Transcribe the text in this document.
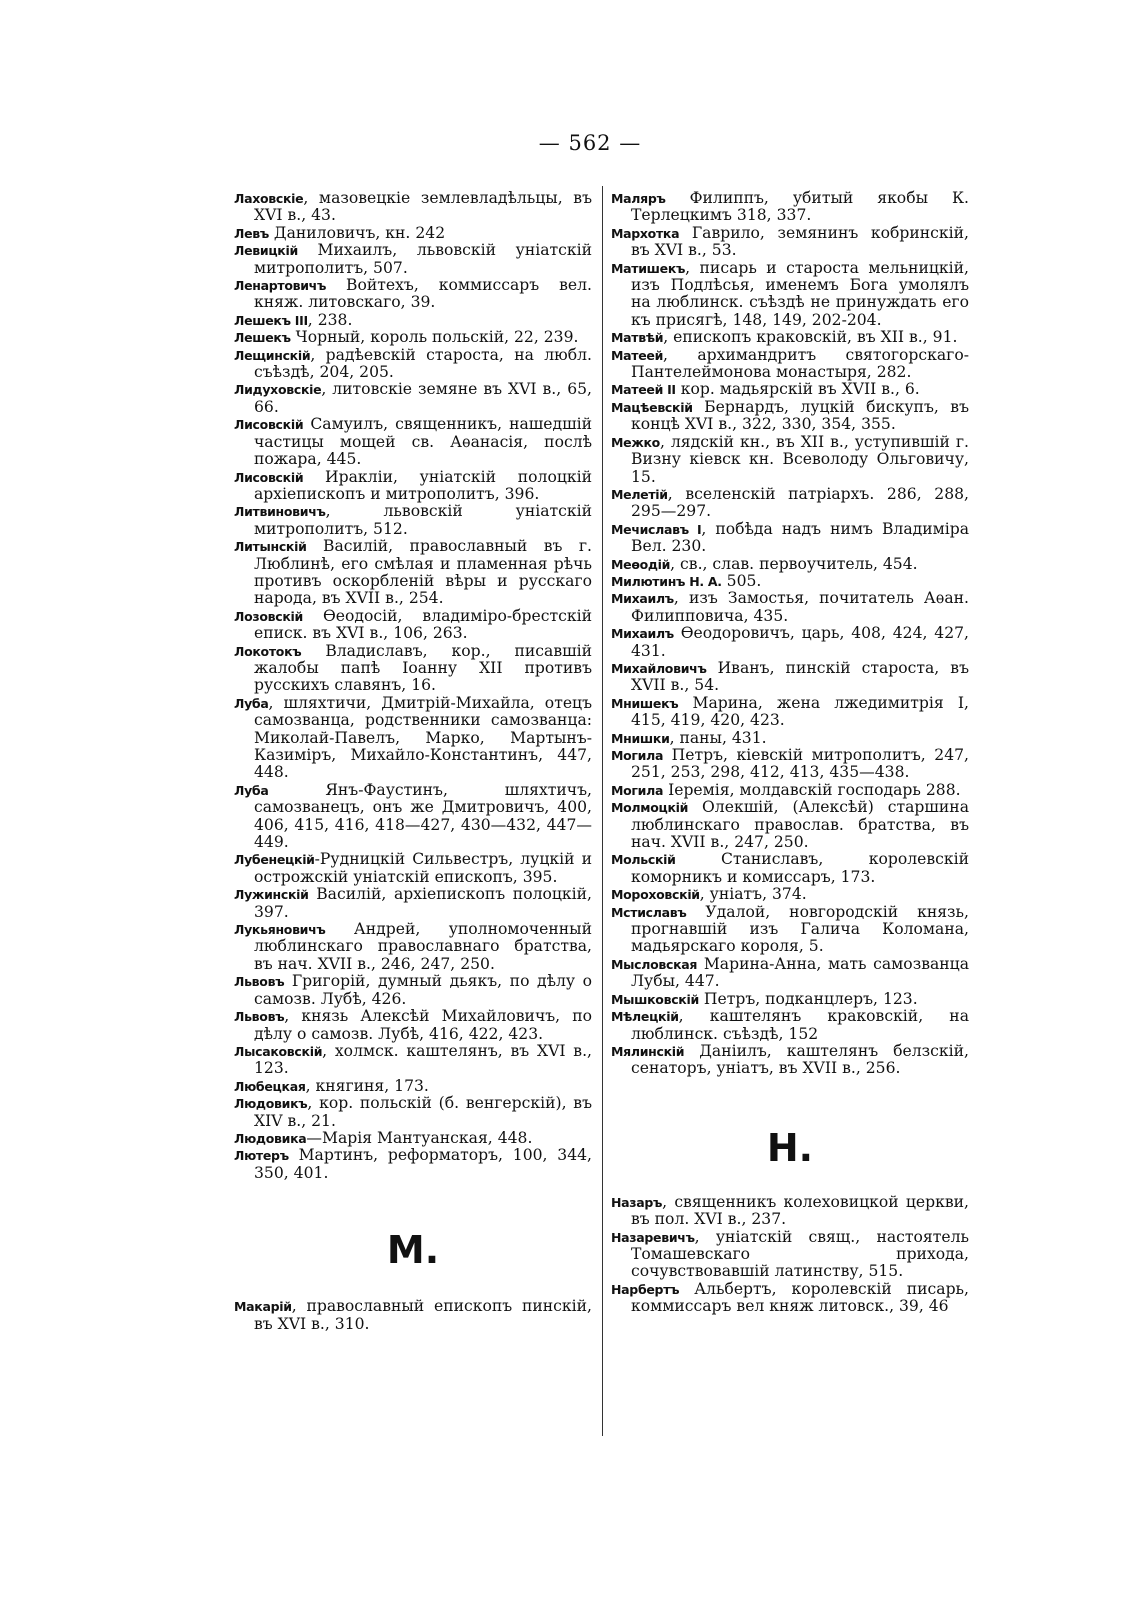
— 562 —

Лаховскіе, мазовецкіе землевладѣльцы, въ XVI в., 43.

Левъ Даниловичъ, кн. 242

Левицкій Михаилъ, львовскій уніатскій митрополитъ, 507.

Ленартовичъ Войтехъ, коммиссаръ вел. княж. литовскаго, 39.

Лешекъ III, 238.

Лешекъ Чорный, король польскій, 22, 239.

Лещинскій, радѣевскій староста, на любл. съѣздѣ, 204, 205.

Лидуховскіе, литовскіе земяне въ XVI в., 65, 66.

Лисовскій Самуилъ, священникъ, нашедшій частицы мощей св. Аѳанасія, послѣ пожара, 445.

Лисовскій Иракліи, уніатскій полоцкій архіепископъ и митрополитъ, 396.

Литвиновичъ, львовскій уніатскій митрополитъ, 512.

Литынскій Василій, православный въ г. Люблинѣ, его смѣлая и пламенная рѣчь противъ оскорбленій вѣры и русскаго народа, въ XVII в., 254.

Лозовскій Ѳеодосій, владиміро-брестскій еписк. въ XVI в., 106, 263.

Локотокъ Владиславъ, кор., писавшій жалобы папѣ Іоанну XII противъ русскихъ славянъ, 16.

Луба, шляхтичи, Дмитрій-Михайла, отецъ самозванца, родственники самозванца: Миколай-Павелъ, Марко, Мартынъ-Казиміръ, Михайло-Константинъ, 447, 448.

Луба Янъ-Фаустинъ, шляхтичъ, самозванецъ, онъ же Дмитровичъ, 400, 406, 415, 416, 418—427, 430—432, 447—449.

Лубенецкій-Рудницкій Сильвестръ, луцкій и острожскій уніатскій епископъ, 395.

Лужинскій Василій, архіепископъ полоцкій, 397.

Лукьяновичъ Андрей, уполномоченный люблинскаго православнаго братства, въ нач. XVII в., 246, 247, 250.

Львовъ Григорій, думный дьякъ, по дѣлу о самозв. Лубѣ, 426.

Львовъ, князь Алексѣй Михайловичъ, по дѣлу о самозв. Лубѣ, 416, 422, 423.

Лысаковскій, холмск. каштелянъ, въ XVI в., 123.

Любецкая, княгиня, 173.

Людовикъ, кор. польскій (б. венгерскій), въ XIV в., 21.

Людовика—Марія Мантуанская, 448.

Лютеръ Мартинъ, реформаторъ, 100, 344, 350, 401.

М.

Макарій, православный епископъ пинскій, въ XVI в., 310.

Маляръ Филиппъ, убитый якобы К. Терлецкимъ 318, 337.

Мархотка Гаврило, земянинъ кобринскій, въ XVI в., 53.

Матишекъ, писарь и староста мельницкій, изъ Подлѣсья, именемъ Бога умолялъ на люблинск. съѣздѣ не принуждать его къ присягѣ, 148, 149, 202-204.

Матвѣй, епископъ краковскій, въ XII в., 91.

Матеей, архимандритъ святогорскаго-Пантелеймонова монастыря, 282.

Матеей II кор. мадьярскій въ XVII в., 6.

Мацѣевскій Бернардъ, луцкій бискупъ, въ концѣ XVI в., 322, 330, 354, 355.

Межко, лядскій кн., въ XII в., уступившій г. Визну кіевск кн. Всеволоду Ольговичу, 15.

Мелетій, вселенскій патріархъ. 286, 288, 295—297.

Мечиславъ I, побѣда надъ нимъ Владиміра Вел. 230.

Меѳодій, св., слав. первоучитель, 454.

Милютинъ Н. А. 505.

Михаилъ, изъ Замостья, почитатель Аѳан. Филипповича, 435.

Михаилъ Ѳеодоровичъ, царь, 408, 424, 427, 431.

Михайловичъ Иванъ, пинскій староста, въ XVII в., 54.

Мнишекъ Марина, жена лжедимитрія I, 415, 419, 420, 423.

Мнишки, паны, 431.

Могила Петръ, кіевскій митрополитъ, 247, 251, 253, 298, 412, 413, 435—438.

Могила Іеремія, молдавскій господарь 288.

Молмоцкій Олекшій, (Алексѣй) старшина люблинскаго православ. братства, въ нач. XVII в., 247, 250.

Мольскій Станиславъ, королевскій коморникъ и комиссаръ, 173.

Мороховскій, уніатъ, 374.

Мстиславъ Удалой, новгородскій князь, прогнавшій изъ Галича Коломана, мадьярскаго короля, 5.

Мысловская Марина-Анна, мать самозванца Лубы, 447.

Мышковскій Петръ, подканцлеръ, 123.

Мѣлецкій, каштелянъ краковскій, на люблинск. съѣздѣ, 152

Мялинскій Даніилъ, каштелянъ белзскій, сенаторъ, уніатъ, въ XVII в., 256.

Н.

Назаръ, священникъ колеховицкой церкви, въ пол. XVI в., 237.

Назаревичъ, уніатскій свящ., настоятель Томашевскаго прихода, сочувствовавшій латинству, 515.

Нарбертъ Альбертъ, королевскій писарь, коммиссаръ вел княж литовск., 39, 46
